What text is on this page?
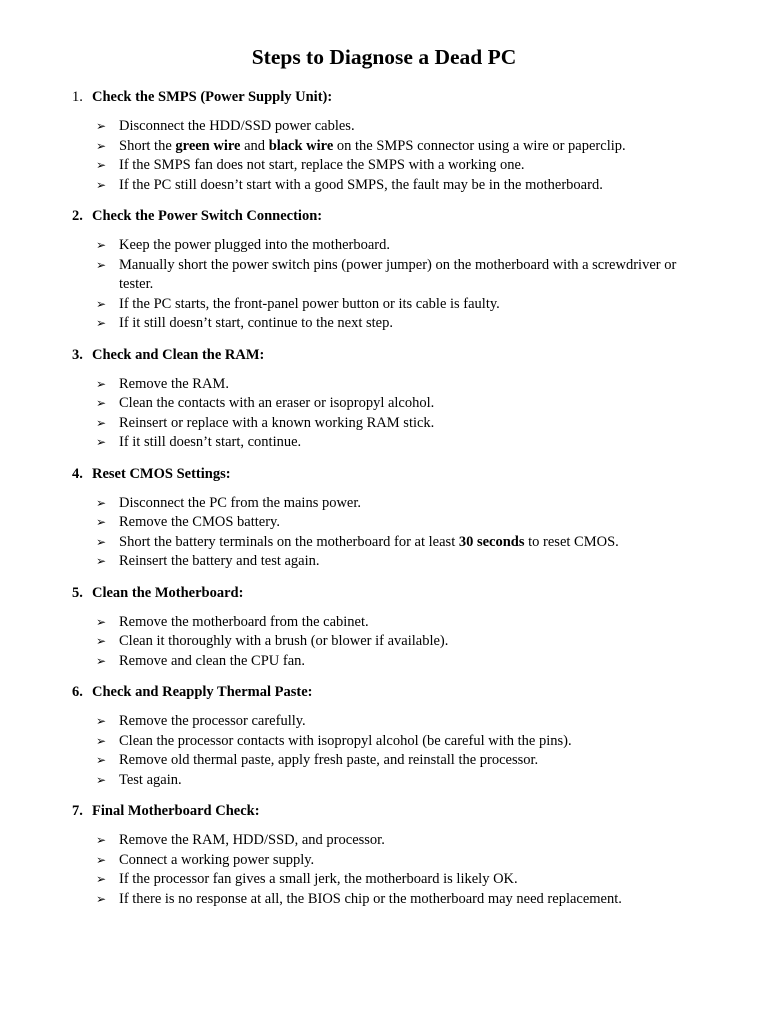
Steps to Diagnose a Dead PC
1. Check the SMPS (Power Supply Unit):
➢ Disconnect the HDD/SSD power cables.
➢ Short the green wire and black wire on the SMPS connector using a wire or paperclip.
➢ If the SMPS fan does not start, replace the SMPS with a working one.
➢ If the PC still doesn’t start with a good SMPS, the fault may be in the motherboard.
2. Check the Power Switch Connection:
➢ Keep the power plugged into the motherboard.
➢ Manually short the power switch pins (power jumper) on the motherboard with a screwdriver or tester.
➢ If the PC starts, the front-panel power button or its cable is faulty.
➢ If it still doesn’t start, continue to the next step.
3. Check and Clean the RAM:
➢ Remove the RAM.
➢ Clean the contacts with an eraser or isopropyl alcohol.
➢ Reinsert or replace with a known working RAM stick.
➢ If it still doesn’t start, continue.
4. Reset CMOS Settings:
➢ Disconnect the PC from the mains power.
➢ Remove the CMOS battery.
➢ Short the battery terminals on the motherboard for at least 30 seconds to reset CMOS.
➢ Reinsert the battery and test again.
5. Clean the Motherboard:
➢ Remove the motherboard from the cabinet.
➢ Clean it thoroughly with a brush (or blower if available).
➢ Remove and clean the CPU fan.
6. Check and Reapply Thermal Paste:
➢ Remove the processor carefully.
➢ Clean the processor contacts with isopropyl alcohol (be careful with the pins).
➢ Remove old thermal paste, apply fresh paste, and reinstall the processor.
➢ Test again.
7. Final Motherboard Check:
➢ Remove the RAM, HDD/SSD, and processor.
➢ Connect a working power supply.
➢ If the processor fan gives a small jerk, the motherboard is likely OK.
➢ If there is no response at all, the BIOS chip or the motherboard may need replacement.
